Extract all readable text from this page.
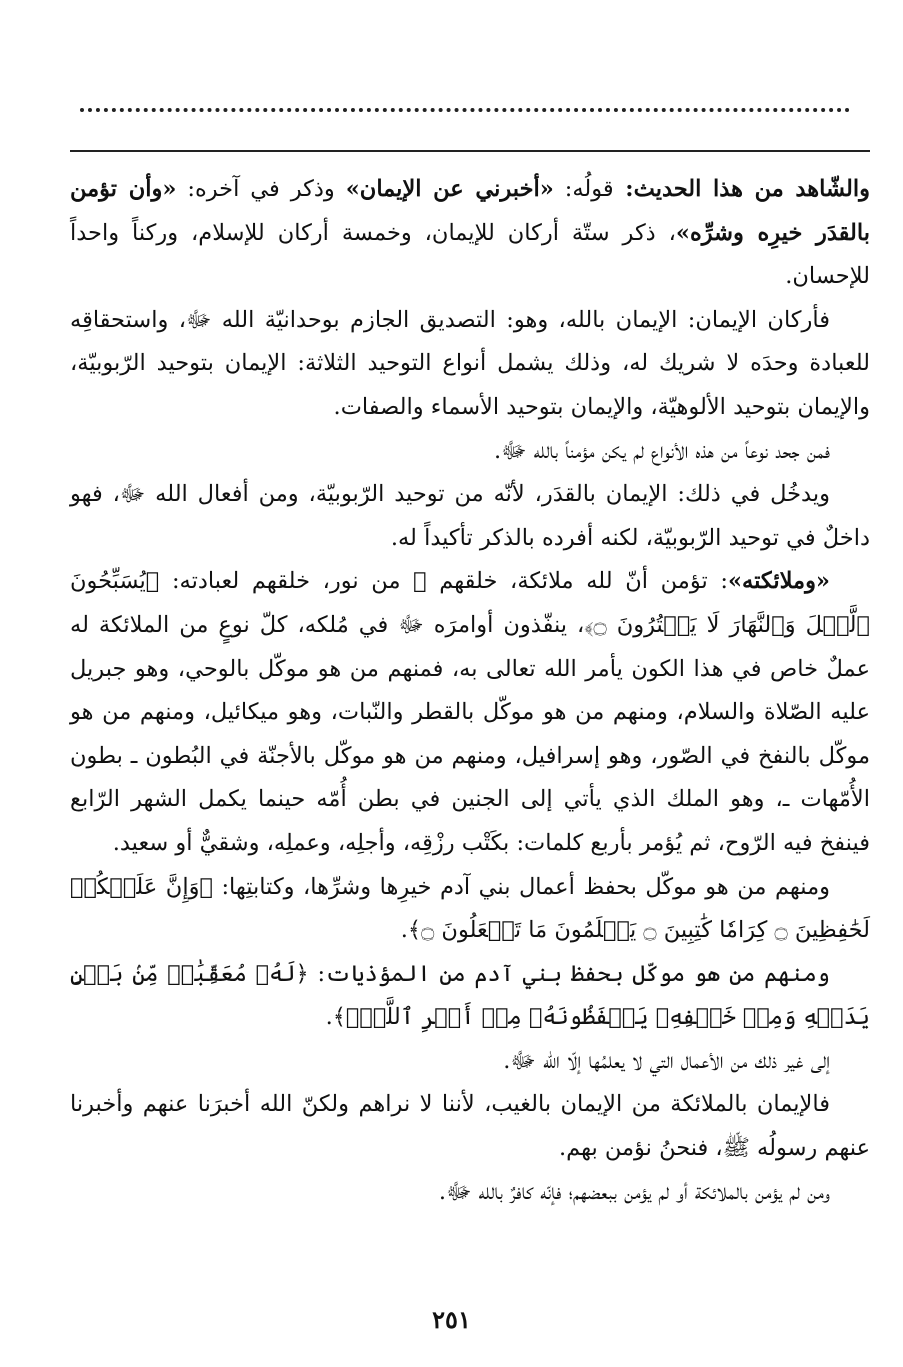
والشّاهد من هذا الحديث: قولُه: «أخبرني عن الإيمان» وذكر في آخره: «وأن تؤمن بالقدَر خيرِه وشرِّه»، ذكر ستّة أركان للإيمان، وخمسة أركان للإسلام، وركناً واحداً للإحسان.

فأركان الإيمان: الإيمان بالله، وهو: التصديق الجازم بوحدانيّة الله ﷻ، واستحقاقِه للعبادة وحدَه لا شريك له، وذلك يشمل أنواع التوحيد الثلاثة: الإيمان بتوحيد الرّبوبيّة، والإيمان بتوحيد الألوهيّة، والإيمان بتوحيد الأسماء والصفات.

فمن جحد نوعاً من هذه الأنواع لم يكن مؤمناً بالله ﷻ.

ويدخُل في ذلك: الإيمان بالقدَر، لأنّه من توحيد الرّبوبيّة، ومن أفعال الله ﷻ، فهو داخلٌ في توحيد الرّبوبيّة، لكنه أفرده بالذكر تأكيداً له.

«وملائكته»: تؤمن أنّ لله ملائكة، خلقهم ﷻ من نور، خلقهم لعبادته: ﴿يُسَبِّحُونَ ٱلَّيۡلَ وَٱلنَّهَارَ لَا يَفۡتُرُونَ ۝﴾، ينفّذون أوامرَه ﷻ في مُلكه، كلّ نوعٍ من الملائكة له عملٌ خاص في هذا الكون يأمر الله تعالى به، فمنهم من هو موكّل بالوحي، وهو جبريل عليه الصّلاة والسلام، ومنهم من هو موكّل بالقطر والنّبات، وهو ميكائيل، ومنهم من هو موكّل بالنفخ في الصّور، وهو إسرافيل، ومنهم من هو موكّل بالأجنّة في البُطون ـ بطون الأُمّهات ـ، وهو الملك الذي يأتي إلى الجنين في بطن أُمّه حينما يكمل الشهر الرّابع فينفخ فيه الرّوح، ثم يُؤمر بأربع كلمات: بكَتْب رزْقِه، وأجلِه، وعملِه، وشقيٌّ أو سعيد.

ومنهم من هو موكّل بحفظ أعمال بني آدم خيرِها وشرِّها، وكتابتِها: ﴿وَإِنَّ عَلَيۡكُمۡ لَحَٰفِظِينَ ۝ كِرَامٗا كَٰتِبِينَ ۝ يَعۡلَمُونَ مَا تَفۡعَلُونَ ۝﴾.

ومنهم من هو موكّل بحفظ بني آدم من المؤذيات: ﴿لَهُۥ مُعَقِّبَٰتٞ مِّنۢ بَيۡنِ يَدَيۡهِ وَمِنۡ خَلۡفِهِۦ يَحۡفَظُونَهُۥ مِنۡ أَمۡرِ ٱللَّهِۗ﴾.

إلى غير ذلك من الأعمال التي لا يعلمُها إلّا الله ﷻ.

فالإيمان بالملائكة من الإيمان بالغيب، لأننا لا نراهم ولكنّ الله أخبرَنا عنهم وأخبرنا عنهم رسولُه ﷺ، فنحنُ نؤمن بهم.

ومن لم يؤمن بالملائكة أو لم يؤمن ببعضهم؛ فإنّه كافرٌ بالله ﷻ.

٢٥١
